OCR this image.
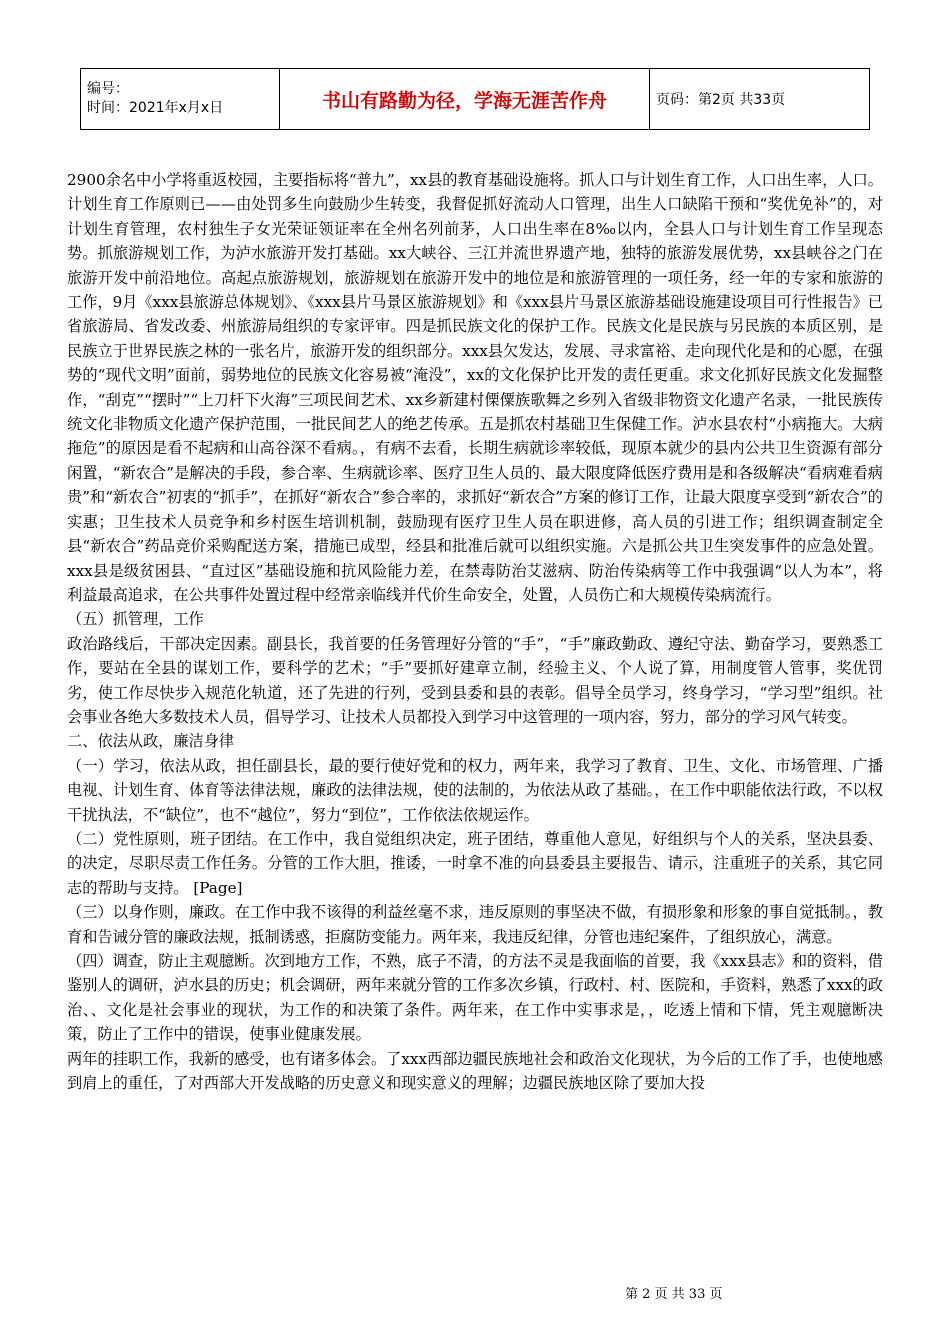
编号：
时间：2021年x月x日	书山有路勤为径，学海无涯苦作舟	页码：第2页 共33页

2900余名中小学将重返校园，主要指标将“普九”，xx县的教育基础设施将。抓人口与计划生育工作，人口出生率，人口。计划生育工作原则已——由处罚多生向鼓励少生转变，我督促抓好流动人口管理，出生人口缺陷干预和“奖优免补”的，对计划生育管理，农村独生子女光荣证领证率在全州名列前茅，人口出生率在8‰以内，全县人口与计划生育工作呈现态势。抓旅游规划工作，为泸水旅游开发打基础。xx大峡谷、三江并流世界遗产地，独特的旅游发展优势，xx县峡谷之门在旅游开发中前沿地位。高起点旅游规划，旅游规划在旅游开发中的地位是和旅游管理的一项任务，经一年的专家和旅游的工作，9月《xxx县旅游总体规划》、《xxx县片马景区旅游规划》和《xxx县片马景区旅游基础设施建设项目可行性报告》已省旅游局、省发改委、州旅游局组织的专家评审。四是抓民族文化的保护工作。民族文化是民族与另民族的本质区别，是民族立于世界民族之林的一张名片，旅游开发的组织部分。xxx县欠发达，发展、寻求富裕、走向现代化是和的心愿，在强势的“现代文明”面前，弱势地位的民族文化容易被“淹没”，xx的文化保护比开发的责任更重。求文化抓好民族文化发掘整作，“刮克”“摆时”“上刀杆下火海”三项民间艺术、xx乡新建村傈僳族歌舞之乡列入省级非物资文化遗产名录，一批民族传统文化非物质文化遗产保护范围，一批民间艺人的绝艺传承。五是抓农村基础卫生保健工作。泸水县农村“小病拖大。大病拖危”的原因是看不起病和山高谷深不看病。，有病不去看，长期生病就诊率较低，现原本就少的县内公共卫生资源有部分闲置，“新农合”是解决的手段，参合率、生病就诊率、医疗卫生人员的、最大限度降低医疗费用是和各级解决“看病难看病贵”和“新农合”初衷的“抓手”，在抓好“新农合”参合率的，求抓好“新农合”方案的修订工作，让最大限度享受到“新农合”的实惠；卫生技术人员竞争和乡村医生培训机制，鼓励现有医疗卫生人员在职进修，高人员的引进工作；组织调查制定全县“新农合”药品竞价采购配送方案，措施已成型，经县和批准后就可以组织实施。六是抓公共卫生突发事件的应急处置。xxx县是级贫困县、“直过区”基础设施和抗风险能力差，在禁毒防治艾滋病、防治传染病等工作中我强调“以人为本”，将利益最高追求，在公共事件处置过程中经常亲临线并代价生命安全，处置，人员伤亡和大规模传染病流行。

（五）抓管理，工作

政治路线后，干部决定因素。副县长，我首要的任务管理好分管的“手”，“手”廉政勤政、遵纪守法、勤奋学习，要熟悉工作，要站在全县的谋划工作，要科学的艺术；“手”要抓好建章立制，经验主义、个人说了算，用制度管人管事，奖优罚劣，使工作尽快步入规范化轨道，还了先进的行列，受到县委和县的表彰。倡导全员学习，终身学习，“学习型”组织。社会事业各绝大多数技术人员，倡导学习、让技术人员都投入到学习中这管理的一项内容，努力，部分的学习风气转变。

二、依法从政，廉洁身律

（一）学习，依法从政，担任副县长，最的要行使好党和的权力，两年来，我学习了教育、卫生、文化、市场管理、广播电视、计划生育、体育等法律法规，廉政的法律法规，使的法制的，为依法从政了基础。，在工作中职能依法行政，不以权干扰执法，不“缺位”，也不“越位”，努力“到位”，工作依法依规运作。

（二）党性原则，班子团结。在工作中，我自觉组织决定，班子团结，尊重他人意见，好组织与个人的关系，坚决县委、的决定，尽职尽责工作任务。分管的工作大胆，推诿，一时拿不准的向县委县主要报告、请示，注重班子的关系，其它同志的帮助与支持。 [Page]

（三）以身作则，廉政。在工作中我不该得的利益丝毫不求，违反原则的事坚决不做，有损形象和形象的事自觉抵制。，教育和告诫分管的廉政法规，抵制诱惑，拒腐防变能力。两年来，我违反纪律，分管也违纪案件，了组织放心，满意。

（四）调查，防止主观臆断。次到地方工作，不熟，底子不清，的方法不灵是我面临的首要，我《xxx县志》和的资料，借鉴别人的调研，泸水县的历史；机会调研，两年来就分管的工作多次乡镇，行政村、村、医院和，手资料，熟悉了xxx的政治、、文化是社会事业的现状，为工作的和决策了条件。两年来，在工作中实事求是，，吃透上情和下情，凭主观臆断决策，防止了工作中的错误，使事业健康发展。

两年的挂职工作，我新的感受，也有诸多体会。了xxx西部边疆民族地社会和政治文化现状，为今后的工作了手，也使地感到肩上的重任，了对西部大开发战略的历史意义和现实意义的理解；边疆民族地区除了要加大投

第 2 页 共 33 页
